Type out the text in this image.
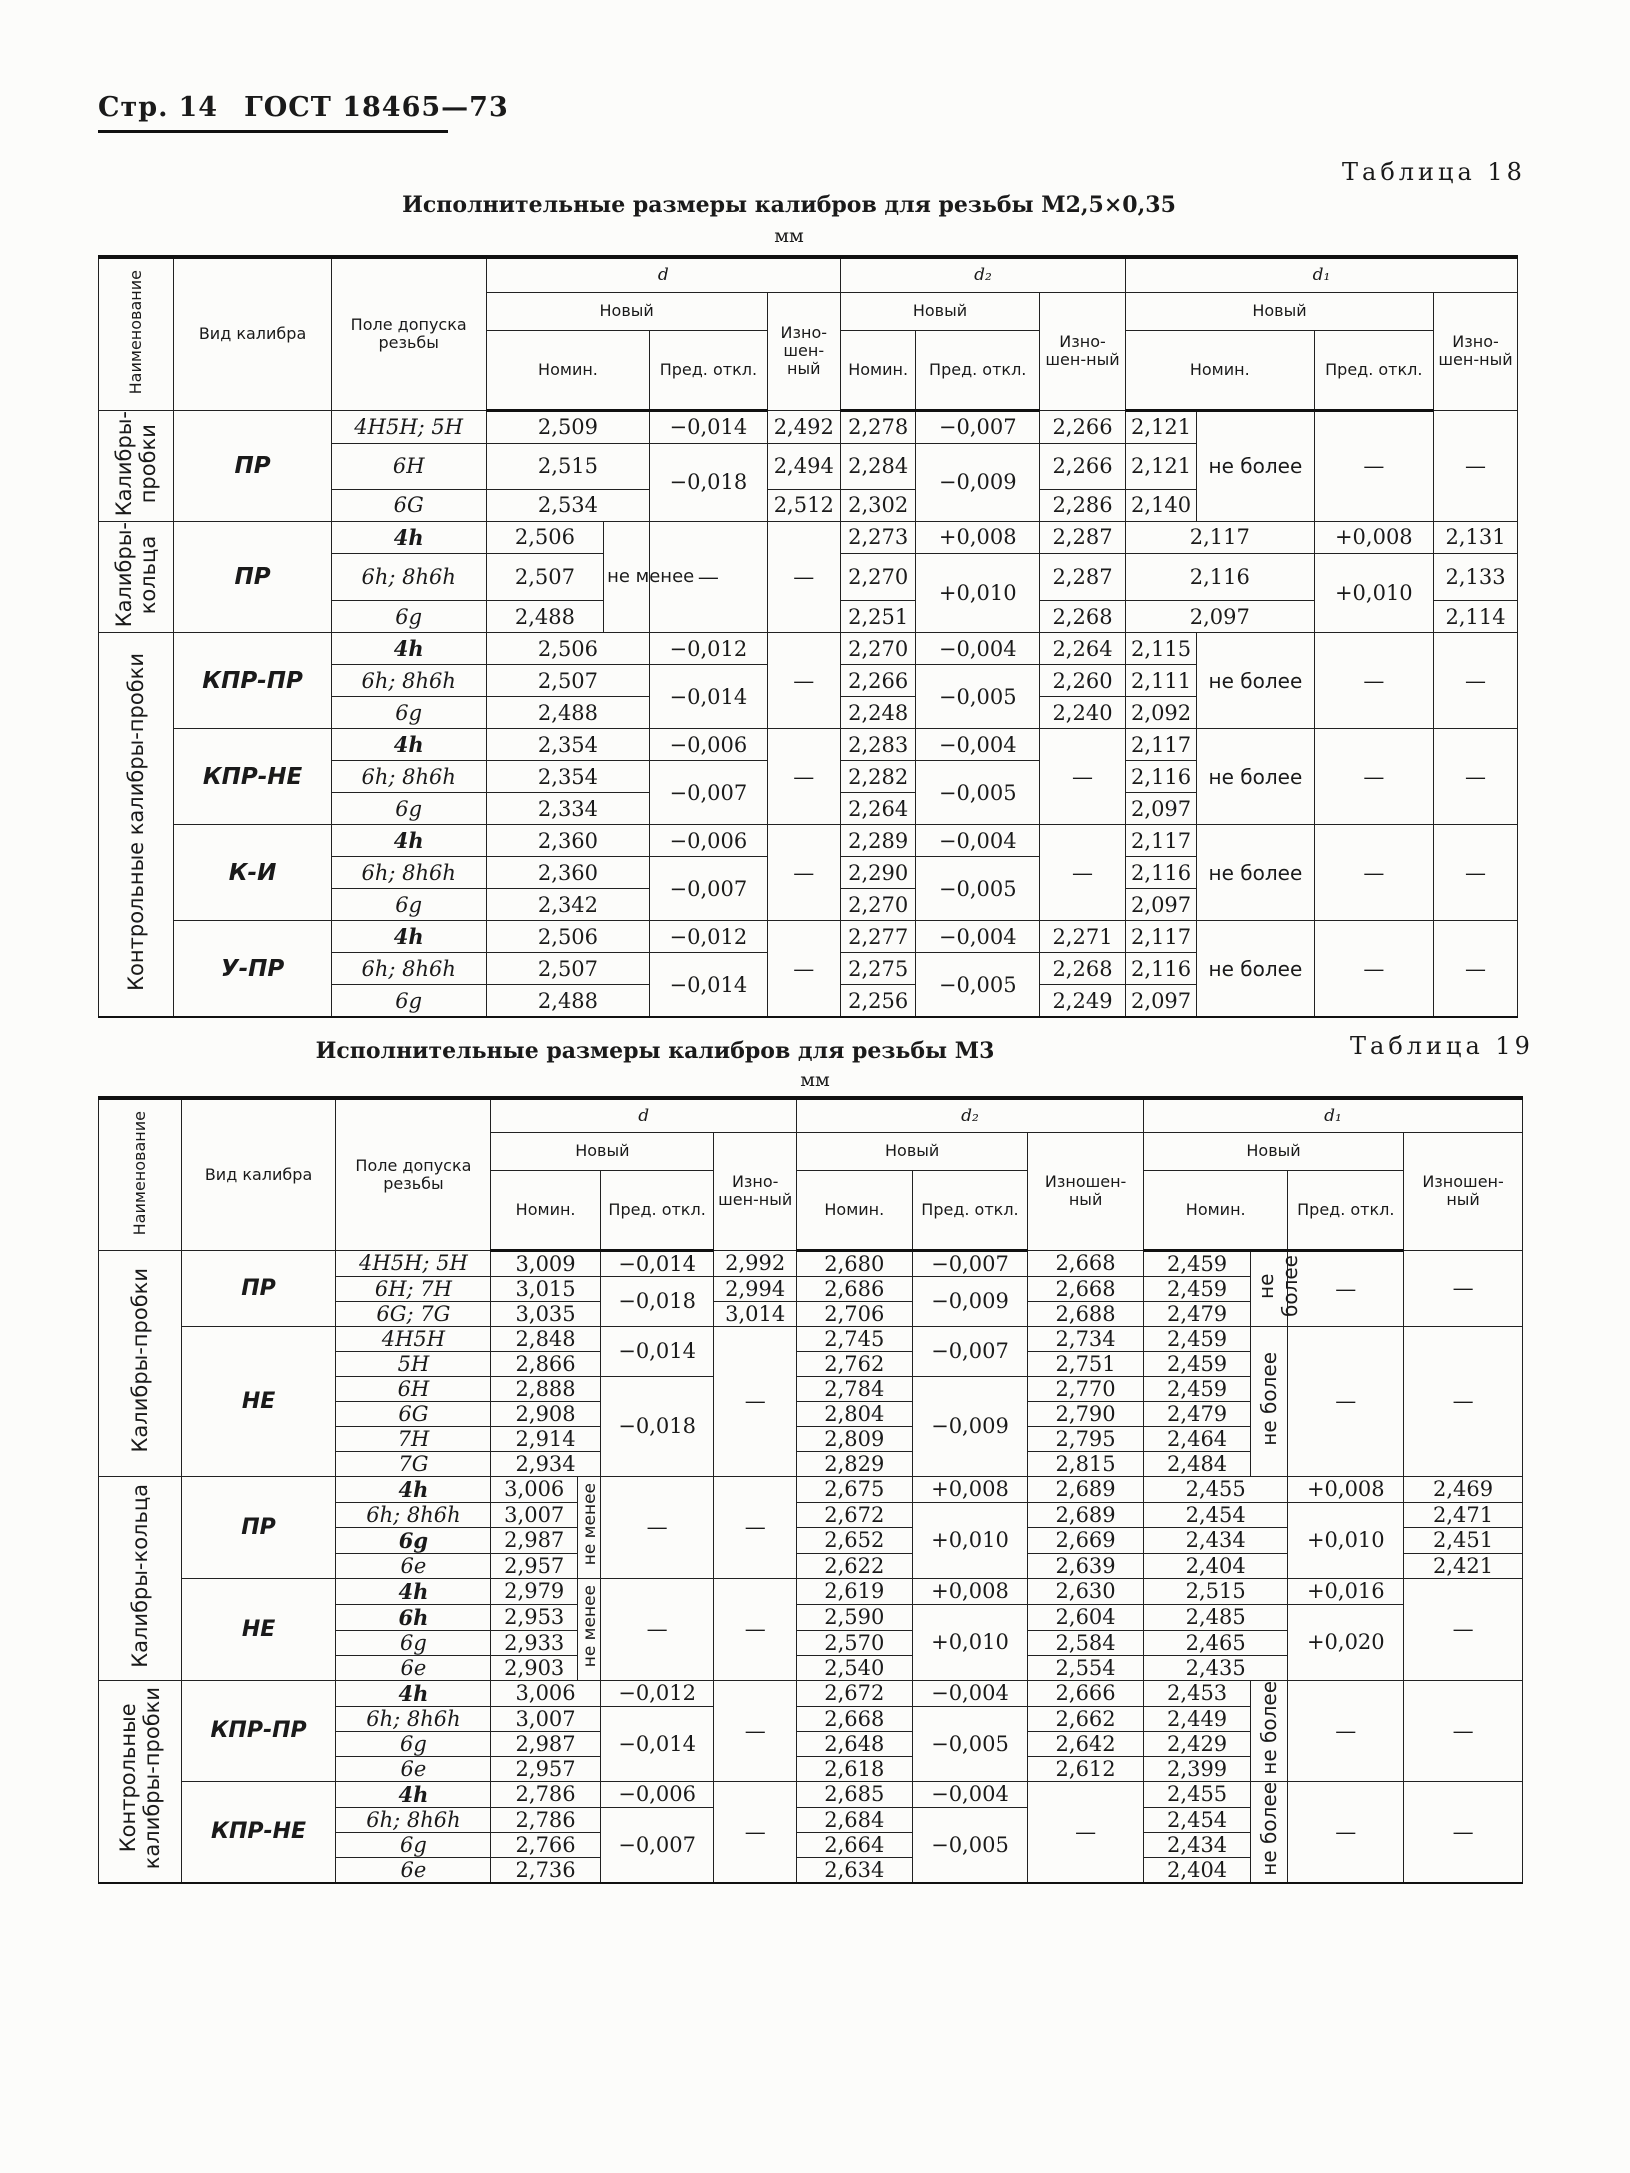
Стр. 14 ГОСТ 18465—73
Таблица 18
Исполнительные размеры калибров для резьбы М2,5×0,35
мм
Наименование	Вид калибра	Поле допуска резьбы	d				d₂			d₁			
			Новый			Изно-шен-ный	Новый		Изно-шен-ный	Новый			Изно-шен-ный
			Номин.		Пред. откл.		Номин.	Пред. откл.		Номин.		Пред. откл.	
Калибры-
пробки	ПР	4H5H; 5H	2,509		−0,014	2,492	2,278	−0,007	2,266	2,121	не более	—	—
		6H	2,515		−0,018	2,494	2,284	−0,009	2,266	2,121			
		6G	2,534			2,512	2,302		2,286	2,140			
Калибры-
кольца	ПР	4h	2,506	не менее	—	—	2,273	+0,008	2,287	2,117		+0,008	2,131
		6h; 8h6h	2,507				2,270	+0,010	2,287	2,116		+0,010	2,133
		6g	2,488				2,251		2,268	2,097			2,114
Контрольные калибры-пробки	КПР-ПР	4h	2,506		−0,012	—	2,270	−0,004	2,264	2,115	не более	—	—
		6h; 8h6h	2,507		−0,014		2,266	−0,005	2,260	2,111			
		6g	2,488				2,248		2,240	2,092			
	КПР-НЕ	4h	2,354		−0,006	—	2,283	−0,004	—	2,117	не более	—	—
		6h; 8h6h	2,354		−0,007		2,282	−0,005		2,116			
		6g	2,334				2,264			2,097			
	К-И	4h	2,360		−0,006	—	2,289	−0,004	—	2,117	не более	—	—
		6h; 8h6h	2,360		−0,007		2,290	−0,005		2,116			
		6g	2,342				2,270			2,097			
	У-ПР	4h	2,506		−0,012	—	2,277	−0,004	2,271	2,117	не более	—	—
		6h; 8h6h	2,507		−0,014		2,275	−0,005	2,268	2,116			
		6g	2,488				2,256		2,249	2,097			
Исполнительные размеры калибров для резьбы М3	Таблица 19
мм
Наименование	Вид калибра	Поле допуска резьбы	d				d₂			d₁			
			Новый			Изно-шен-ный	Новый		Изношен-ный	Новый			Изношен-ный
			Номин.		Пред. откл.		Номин.	Пред. откл.		Номин.		Пред. откл.	
Калибры-пробки	ПР	4H5H; 5H	3,009		−0,014	2,992	2,680	−0,007	2,668	2,459	не более	—	—
		6H; 7H	3,015		−0,018	2,994	2,686	−0,009	2,668	2,459			
		6G; 7G	3,035			3,014	2,706		2,688	2,479			
	НЕ	4H5H	2,848		−0,014	—	2,745	−0,007	2,734	2,459	не более	—	—
		5H	2,866				2,762		2,751	2,459			
		6H	2,888		−0,018		2,784	−0,009	2,770	2,459			
		6G	2,908				2,804		2,790	2,479			
		7H	2,914				2,809		2,795	2,464			
		7G	2,934				2,829		2,815	2,484			
Калибры-кольца	ПР	4h	3,006	не менее	—	—	2,675	+0,008	2,689	2,455		+0,008	2,469
		6h; 8h6h	3,007				2,672	+0,010	2,689	2,454		+0,010	2,471
		6g	2,987				2,652		2,669	2,434			2,451
		6e	2,957				2,622		2,639	2,404			2,421
	НЕ	4h	2,979	не менее	—	—	2,619	+0,008	2,630	2,515		+0,016	—
		6h	2,953				2,590	+0,010	2,604	2,485		+0,020	
		6g	2,933				2,570		2,584	2,465			
		6e	2,903				2,540		2,554	2,435			
Контрольные
калибры-пробки	КПР-ПР	4h	3,006		−0,012	—	2,672	−0,004	2,666	2,453	не более	—	—
		6h; 8h6h	3,007		−0,014		2,668	−0,005	2,662	2,449			
		6g	2,987				2,648		2,642	2,429			
		6e	2,957				2,618		2,612	2,399			
	КПР-НЕ	4h	2,786		−0,006	—	2,685	−0,004	—	2,455	не более	—	—
		6h; 8h6h	2,786		−0,007		2,684	−0,005		2,454			
		6g	2,766				2,664			2,434			
		6e	2,736				2,634			2,404			
